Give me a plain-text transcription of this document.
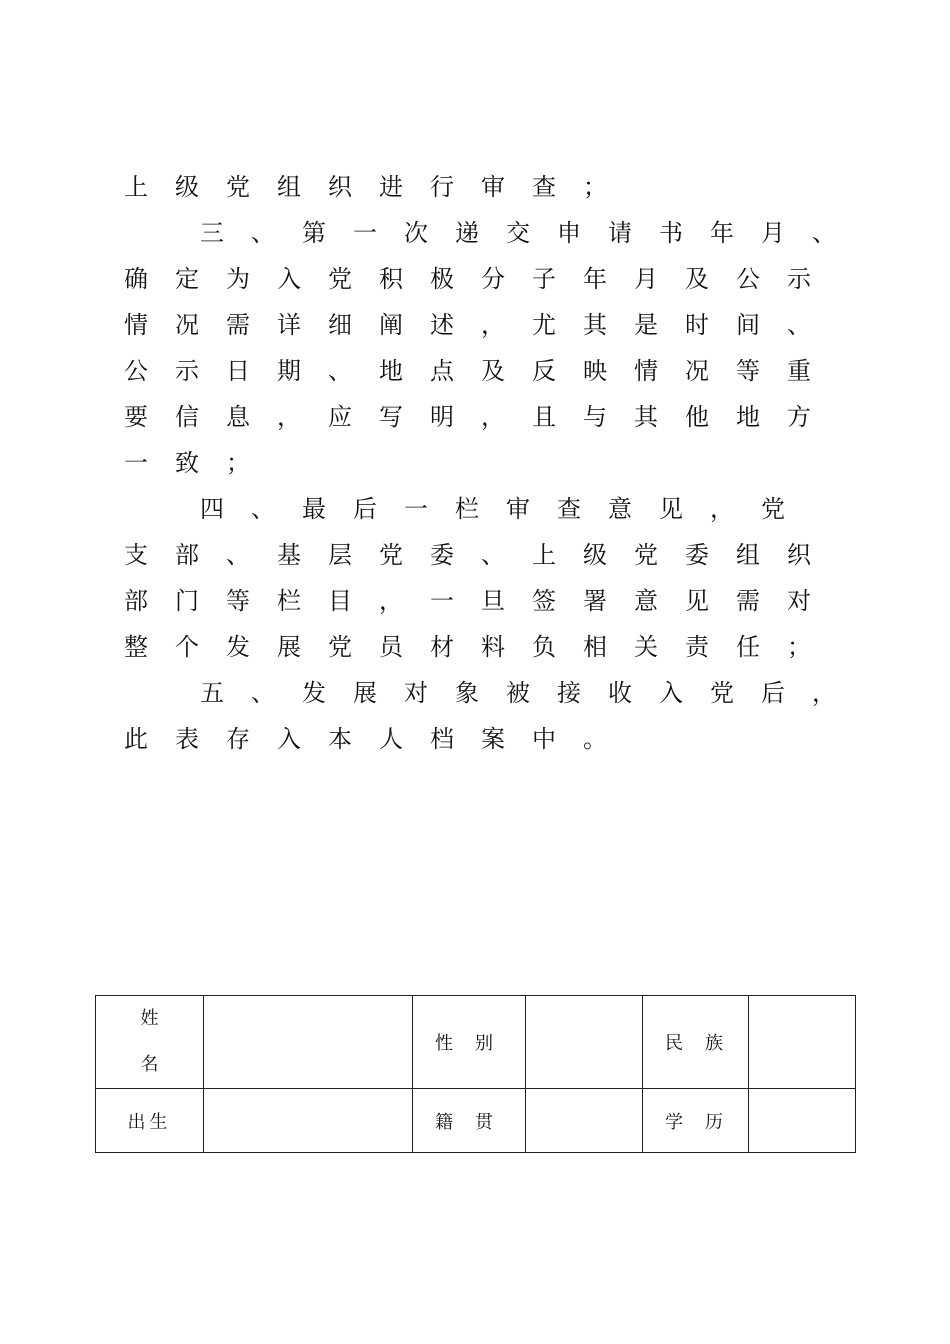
上级党组织进行审查；
三、第一次递交申请书年月、
确定为入党积极分子年月及公示
情况需详细阐述，尤其是时间、
公示日期、地点及反映情况等重
要信息，应写明，且与其他地方
一致；
四、最后一栏审查意见，党
支部、基层党委、上级党委组织
部门等栏目，一旦签署意见需对
整个发展党员材料负相关责任；
五、发展对象被接收入党后，
此表存入本人档案中。
姓
名		性别		民族	
出生		籍贯		学历	
